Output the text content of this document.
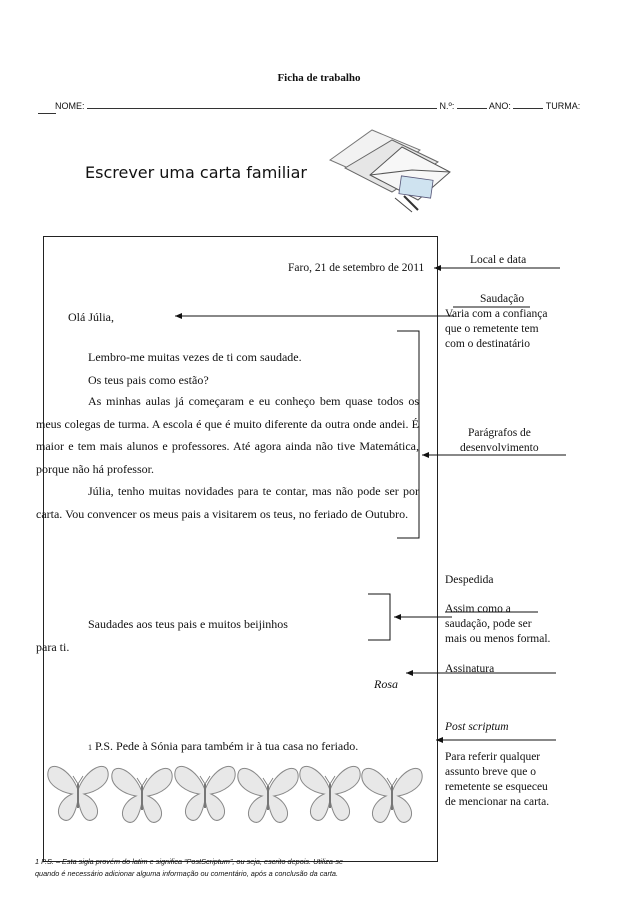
Ficha de trabalho
NOME:	N.º:	ANO:	TURMA:
Escrever uma carta familiar
Faro, 21 de setembro de 2011
Olá Júlia,
Lembro-me muitas vezes de ti com saudade.
Os teus pais como estão?
As minhas aulas já começaram e eu conheço bem quase todos os meus colegas de turma. A escola é que é muito diferente da outra onde andei. É maior e tem mais alunos e professores. Até agora ainda não tive Matemática, porque não há professor.
Júlia, tenho muitas novidades para te contar, mas não pode ser por carta. Vou convencer os meus pais a visitarem os teus, no feriado de Outubro.
Saudades aos teus pais e muitos beijinhos
para ti.
Rosa
1 P.S. Pede à Sónia para também ir à tua casa no feriado.
Local e data
Saudação
Varia com a confiança
que o remetente tem
com o destinatário
Parágrafos de
desenvolvimento
Despedida
Assim como a
saudação, pode ser
mais ou menos formal.
Assinatura
Post scriptum
Para referir qualquer
assunto breve que o
remetente se esqueceu
de mencionar na carta.
1 P.S. – Esta sigla provém do latim e significa “PostScriptum”, ou seja, escrito depois. Utiliza-se
quando é necessário adicionar alguma informação ou comentário, após a conclusão da carta.
